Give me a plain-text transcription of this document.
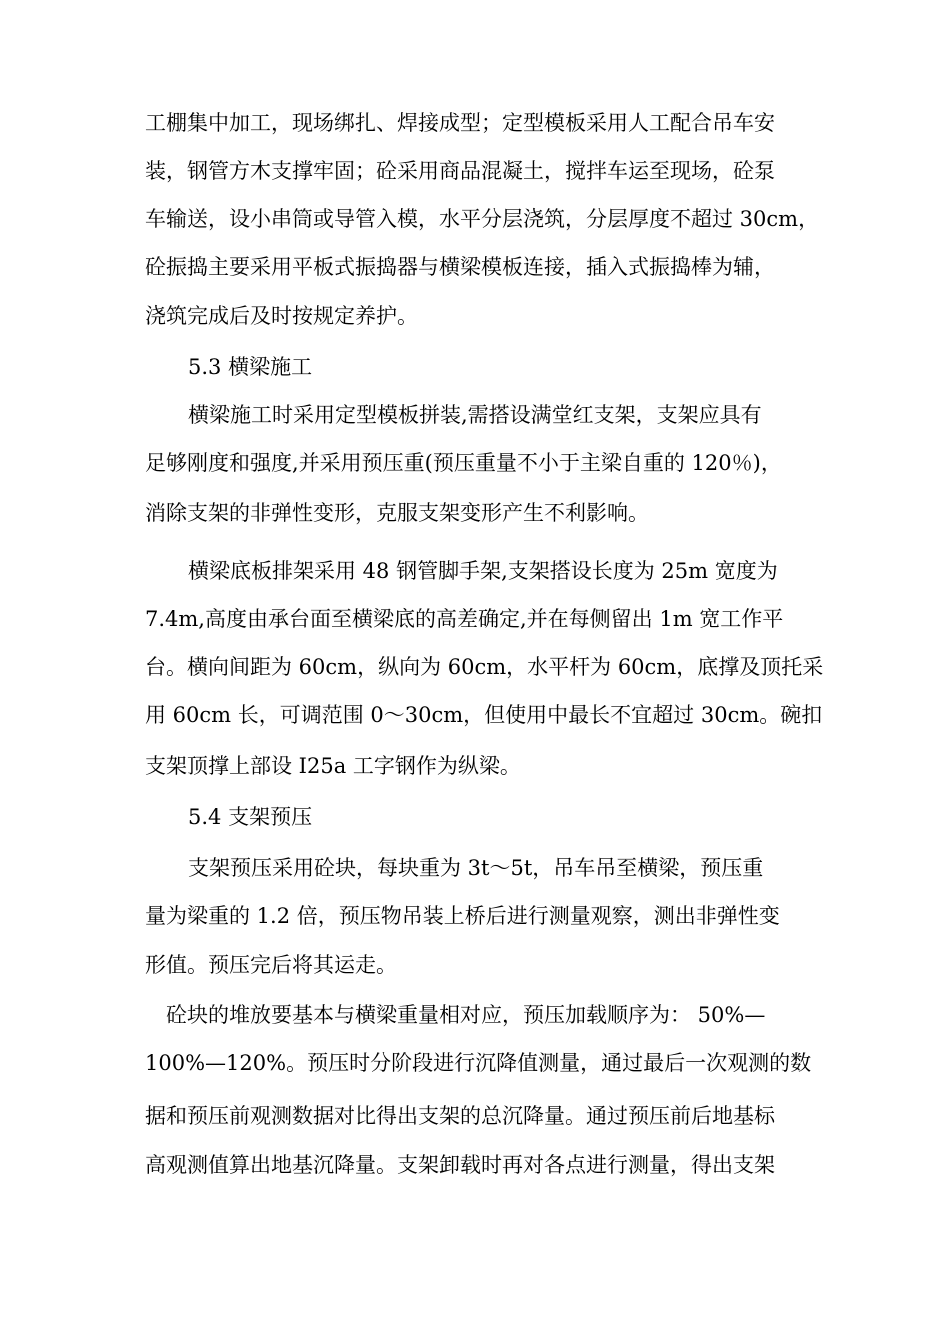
工棚集中加工，现场绑扎、焊接成型；定型模板采用人工配合吊车安
装，钢管方木支撑牢固；砼采用商品混凝土，搅拌车运至现场，砼泵
车输送，设小串筒或导管入模，水平分层浇筑，分层厚度不超过 30cm，
砼振捣主要采用平板式振捣器与横梁模板连接，插入式振捣棒为辅，
浇筑完成后及时按规定养护。
5.3 横梁施工
横梁施工时采用定型模板拼装,需搭设满堂红支架，支架应具有
足够刚度和强度,并采用预压重(预压重量不小于主梁自重的 120％)，
消除支架的非弹性变形，克服支架变形产生不利影响。
横梁底板排架采用 48 钢管脚手架,支架搭设长度为 25m 宽度为
7.4m,高度由承台面至横梁底的高差确定,并在每侧留出 1m 宽工作平
台。横向间距为 60cm，纵向为 60cm，水平杆为 60cm，底撑及顶托采
用 60cm 长，可调范围 0～30cm，但使用中最长不宜超过 30cm。碗扣
支架顶撑上部设 I25a 工字钢作为纵梁。
5.4 支架预压
支架预压采用砼块，每块重为 3t～5t，吊车吊至横梁，预压重
量为梁重的 1.2 倍，预压物吊装上桥后进行测量观察，测出非弹性变
形值。预压完后将其运走。
砼块的堆放要基本与横梁重量相对应，预压加载顺序为： 50%—
100%—120%。预压时分阶段进行沉降值测量，通过最后一次观测的数
据和预压前观测数据对比得出支架的总沉降量。通过预压前后地基标
高观测值算出地基沉降量。支架卸载时再对各点进行测量，得出支架
